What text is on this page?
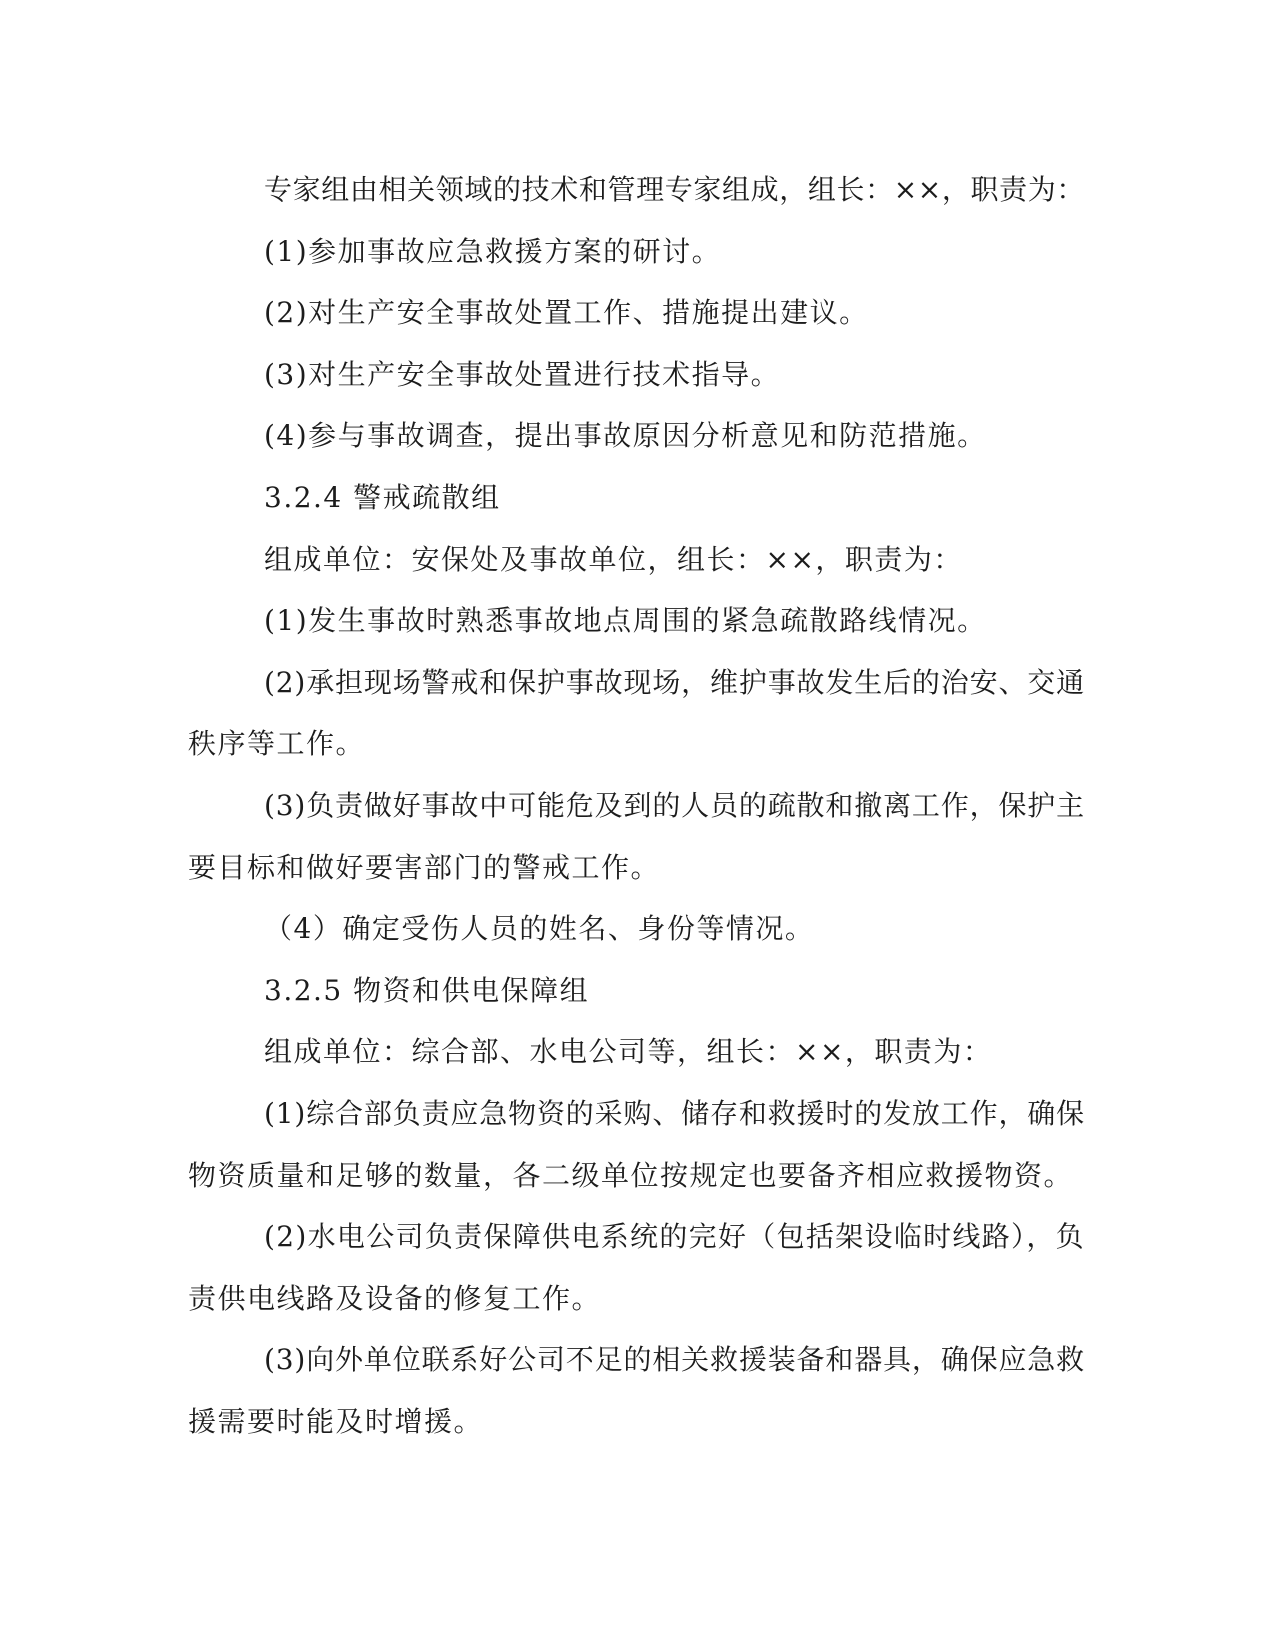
专家组由相关领域的技术和管理专家组成，组长：××，职责为：
(1)参加事故应急救援方案的研讨。
(2)对生产安全事故处置工作、措施提出建议。
(3)对生产安全事故处置进行技术指导。
(4)参与事故调查，提出事故原因分析意见和防范措施。
3.2.4 警戒疏散组
组成单位：安保处及事故单位，组长：××，职责为：
(1)发生事故时熟悉事故地点周围的紧急疏散路线情况。
(2)承担现场警戒和保护事故现场，维护事故发生后的治安、交通
秩序等工作。
(3)负责做好事故中可能危及到的人员的疏散和撤离工作，保护主
要目标和做好要害部门的警戒工作。
（4）确定受伤人员的姓名、身份等情况。
3.2.5 物资和供电保障组
组成单位：综合部、水电公司等，组长：××，职责为：
(1)综合部负责应急物资的采购、储存和救援时的发放工作，确保
物资质量和足够的数量，各二级单位按规定也要备齐相应救援物资。
(2)水电公司负责保障供电系统的完好（包括架设临时线路），负
责供电线路及设备的修复工作。
(3)向外单位联系好公司不足的相关救援装备和器具，确保应急救
援需要时能及时增援。
